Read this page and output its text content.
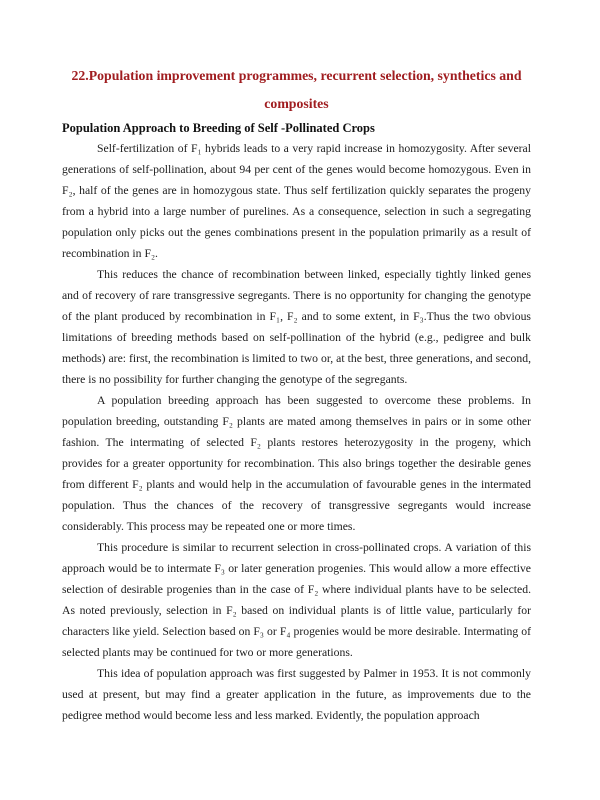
22.Population improvement programmes, recurrent selection, synthetics and composites
Population Approach to Breeding of Self -Pollinated Crops

Self-fertilization of F₁ hybrids leads to a very rapid increase in homozygosity. After several generations of self-pollination, about 94 per cent of the genes would become homozygous. Even in F₂, half of the genes are in homozygous state. Thus self fertilization quickly separates the progeny from a hybrid into a large number of purelines. As a consequence, selection in such a segregating population only picks out the genes combinations present in the population primarily as a result of recombination in F₂.

This reduces the chance of recombination between linked, especially tightly linked genes and of recovery of rare transgressive segregants. There is no opportunity for changing the genotype of the plant produced by recombination in F₁, F₂ and to some extent, in F₃.Thus the two obvious limitations of breeding methods based on self-pollination of the hybrid (e.g., pedigree and bulk methods) are: first, the recombination is limited to two or, at the best, three generations, and second, there is no possibility for further changing the genotype of the segregants.

A population breeding approach has been suggested to overcome these problems. In population breeding, outstanding F₂ plants are mated among themselves in pairs or in some other fashion. The intermating of selected F₂ plants restores heterozygosity in the progeny, which provides for a greater opportunity for recombination. This also brings together the desirable genes from different F₂ plants and would help in the accumulation of favourable genes in the intermated population. Thus the chances of the recovery of transgressive segregants would increase considerably. This process may be repeated one or more times.

This procedure is similar to recurrent selection in cross-pollinated crops. A variation of this approach would be to intermate F₃ or later generation progenies. This would allow a more effective selection of desirable progenies than in the case of F₂ where individual plants have to be selected. As noted previously, selection in F₂ based on individual plants is of little value, particularly for characters like yield. Selection based on F₃ or F₄ progenies would be more desirable. Intermating of selected plants may be continued for two or more generations.

This idea of population approach was first suggested by Palmer in 1953. It is not commonly used at present, but may find a greater application in the future, as improvements due to the pedigree method would become less and less marked. Evidently, the population approach
